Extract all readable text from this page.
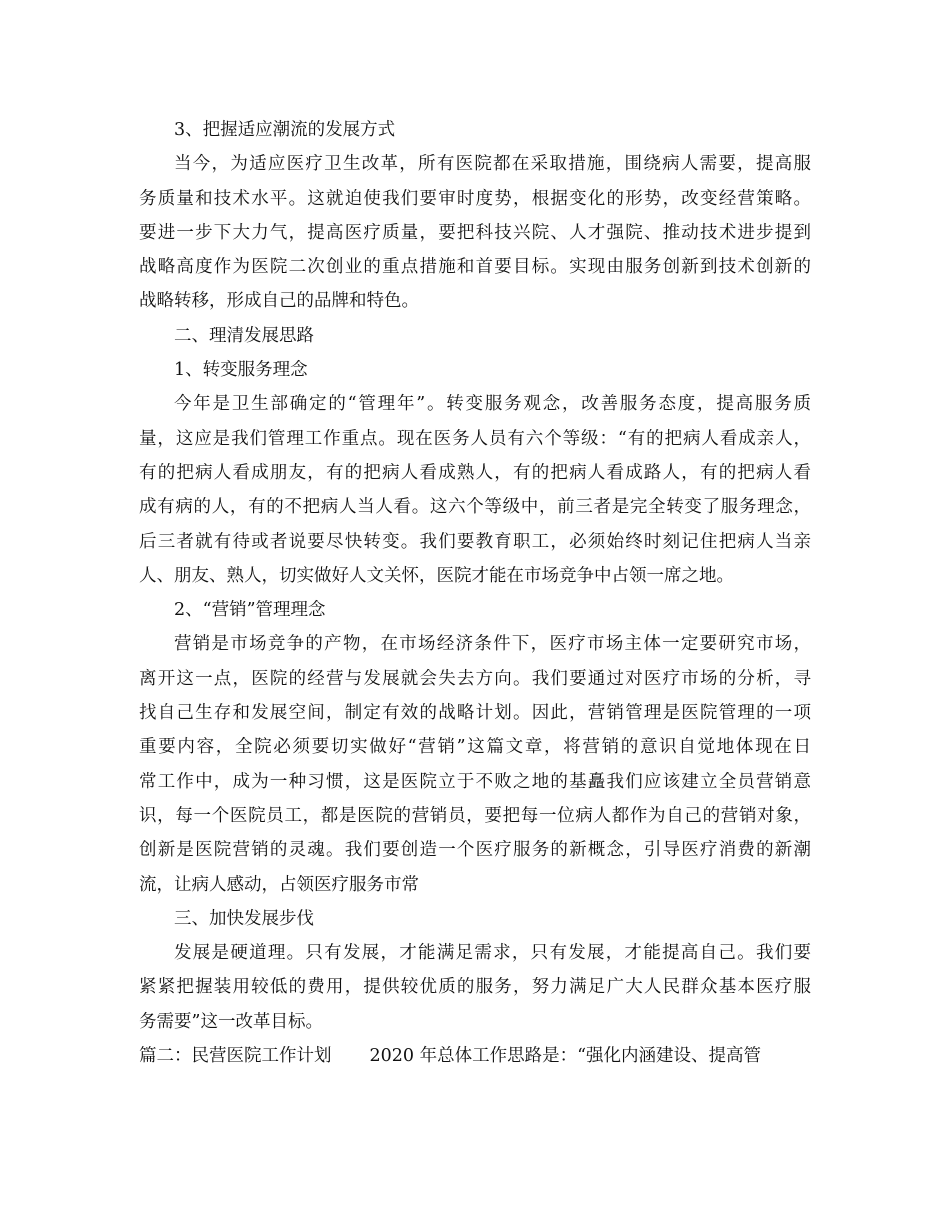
3、把握适应潮流的发展方式
当今，为适应医疗卫生改革，所有医院都在采取措施，围绕病人需要，提高服
务质量和技术水平。这就迫使我们要审时度势，根据变化的形势，改变经营策略。
要进一步下大力气，提高医疗质量，要把科技兴院、人才强院、推动技术进步提到
战略高度作为医院二次创业的重点措施和首要目标。实现由服务创新到技术创新的
战略转移，形成自己的品牌和特色。
二、理清发展思路
1、转变服务理念
今年是卫生部确定的“管理年”。转变服务观念，改善服务态度，提高服务质
量，这应是我们管理工作重点。现在医务人员有六个等级：“有的把病人看成亲人，
有的把病人看成朋友，有的把病人看成熟人，有的把病人看成路人，有的把病人看
成有病的人，有的不把病人当人看。这六个等级中，前三者是完全转变了服务理念，
后三者就有待或者说要尽快转变。我们要教育职工，必须始终时刻记住把病人当亲
人、朋友、熟人，切实做好人文关怀，医院才能在市场竞争中占领一席之地。
2、“营销”管理理念
营销是市场竞争的产物，在市场经济条件下，医疗市场主体一定要研究市场，
离开这一点，医院的经营与发展就会失去方向。我们要通过对医疗市场的分析，寻
找自己生存和发展空间，制定有效的战略计划。因此，营销管理是医院管理的一项
重要内容，全院必须要切实做好“营销”这篇文章，将营销的意识自觉地体现在日
常工作中，成为一种习惯，这是医院立于不败之地的基矗我们应该建立全员营销意
识，每一个医院员工，都是医院的营销员，要把每一位病人都作为自己的营销对象，
创新是医院营销的灵魂。我们要创造一个医疗服务的新概念，引导医疗消费的新潮
流，让病人感动，占领医疗服务市常
三、加快发展步伐
发展是硬道理。只有发展，才能满足需求，只有发展，才能提高自己。我们要
紧紧把握装用较低的费用，提供较优质的服务，努力满足广大人民群众基本医疗服
务需要”这一改革目标。
篇二：民营医院工作计划 2020 年总体工作思路是：“强化内涵建设、提高管
